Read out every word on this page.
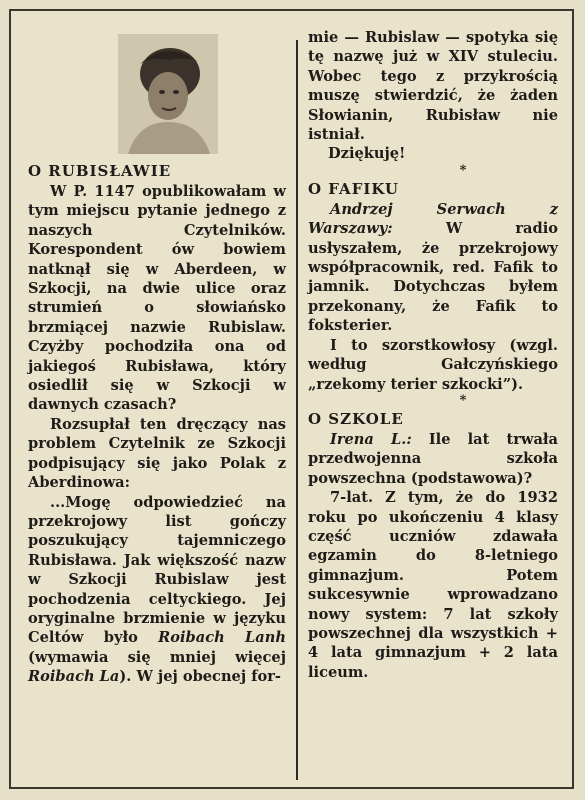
O RUBISŁAWIE

W P. 1147 opublikowałam w tym miejscu pytanie jednego z naszych Czytelników. Korespondent ów bowiem natknął się w Aberdeen, w Szkocji, na dwie ulice oraz strumień o słowiańsko brzmiącej nazwie Rubislaw. Czyżby pochodziła ona od jakiegoś Rubisława, który osiedlił się w Szkocji w dawnych czasach?

Rozsupłał ten dręczący nas problem Czytelnik ze Szkocji podpisujący się jako Polak z Aberdinowa:

...Mogę odpowiedzieć na przekrojowy list gończy poszukujący tajemniczego Rubisława. Jak większość nazw w Szkocji Rubislaw jest pochodzenia celtyckiego. Jej oryginalne brzmienie w języku Celtów było Roibach Lanh (wymawia się mniej więcej Roibach La). W jej obecnej for-

mie — Rubislaw — spotyka się tę nazwę już w XIV stuleciu. Wobec tego z przykrością muszę stwierdzić, że żaden Słowianin, Rubisław nie istniał.

Dziękuję!

*
O FAFIKU

Andrzej Serwach z Warszawy: W radio usłyszałem, że przekrojowy współpracownik, red. Fafik to jamnik. Dotychczas byłem przekonany, że Fafik to foksterier.

I to szorstkowłosy (wzgl. według Gałczyńskiego „rzekomy terier szkocki”).

*
O SZKOLE

Irena L.: Ile lat trwała przedwojenna szkoła powszechna (podstawowa)?

7-lat. Z tym, że do 1932 roku po ukończeniu 4 klasy część uczniów zdawała egzamin do 8-letniego gimnazjum. Potem sukcesywnie wprowadzano nowy system: 7 lat szkoły powszechnej dla wszystkich + 4 lata gimnazjum + 2 lata liceum.
